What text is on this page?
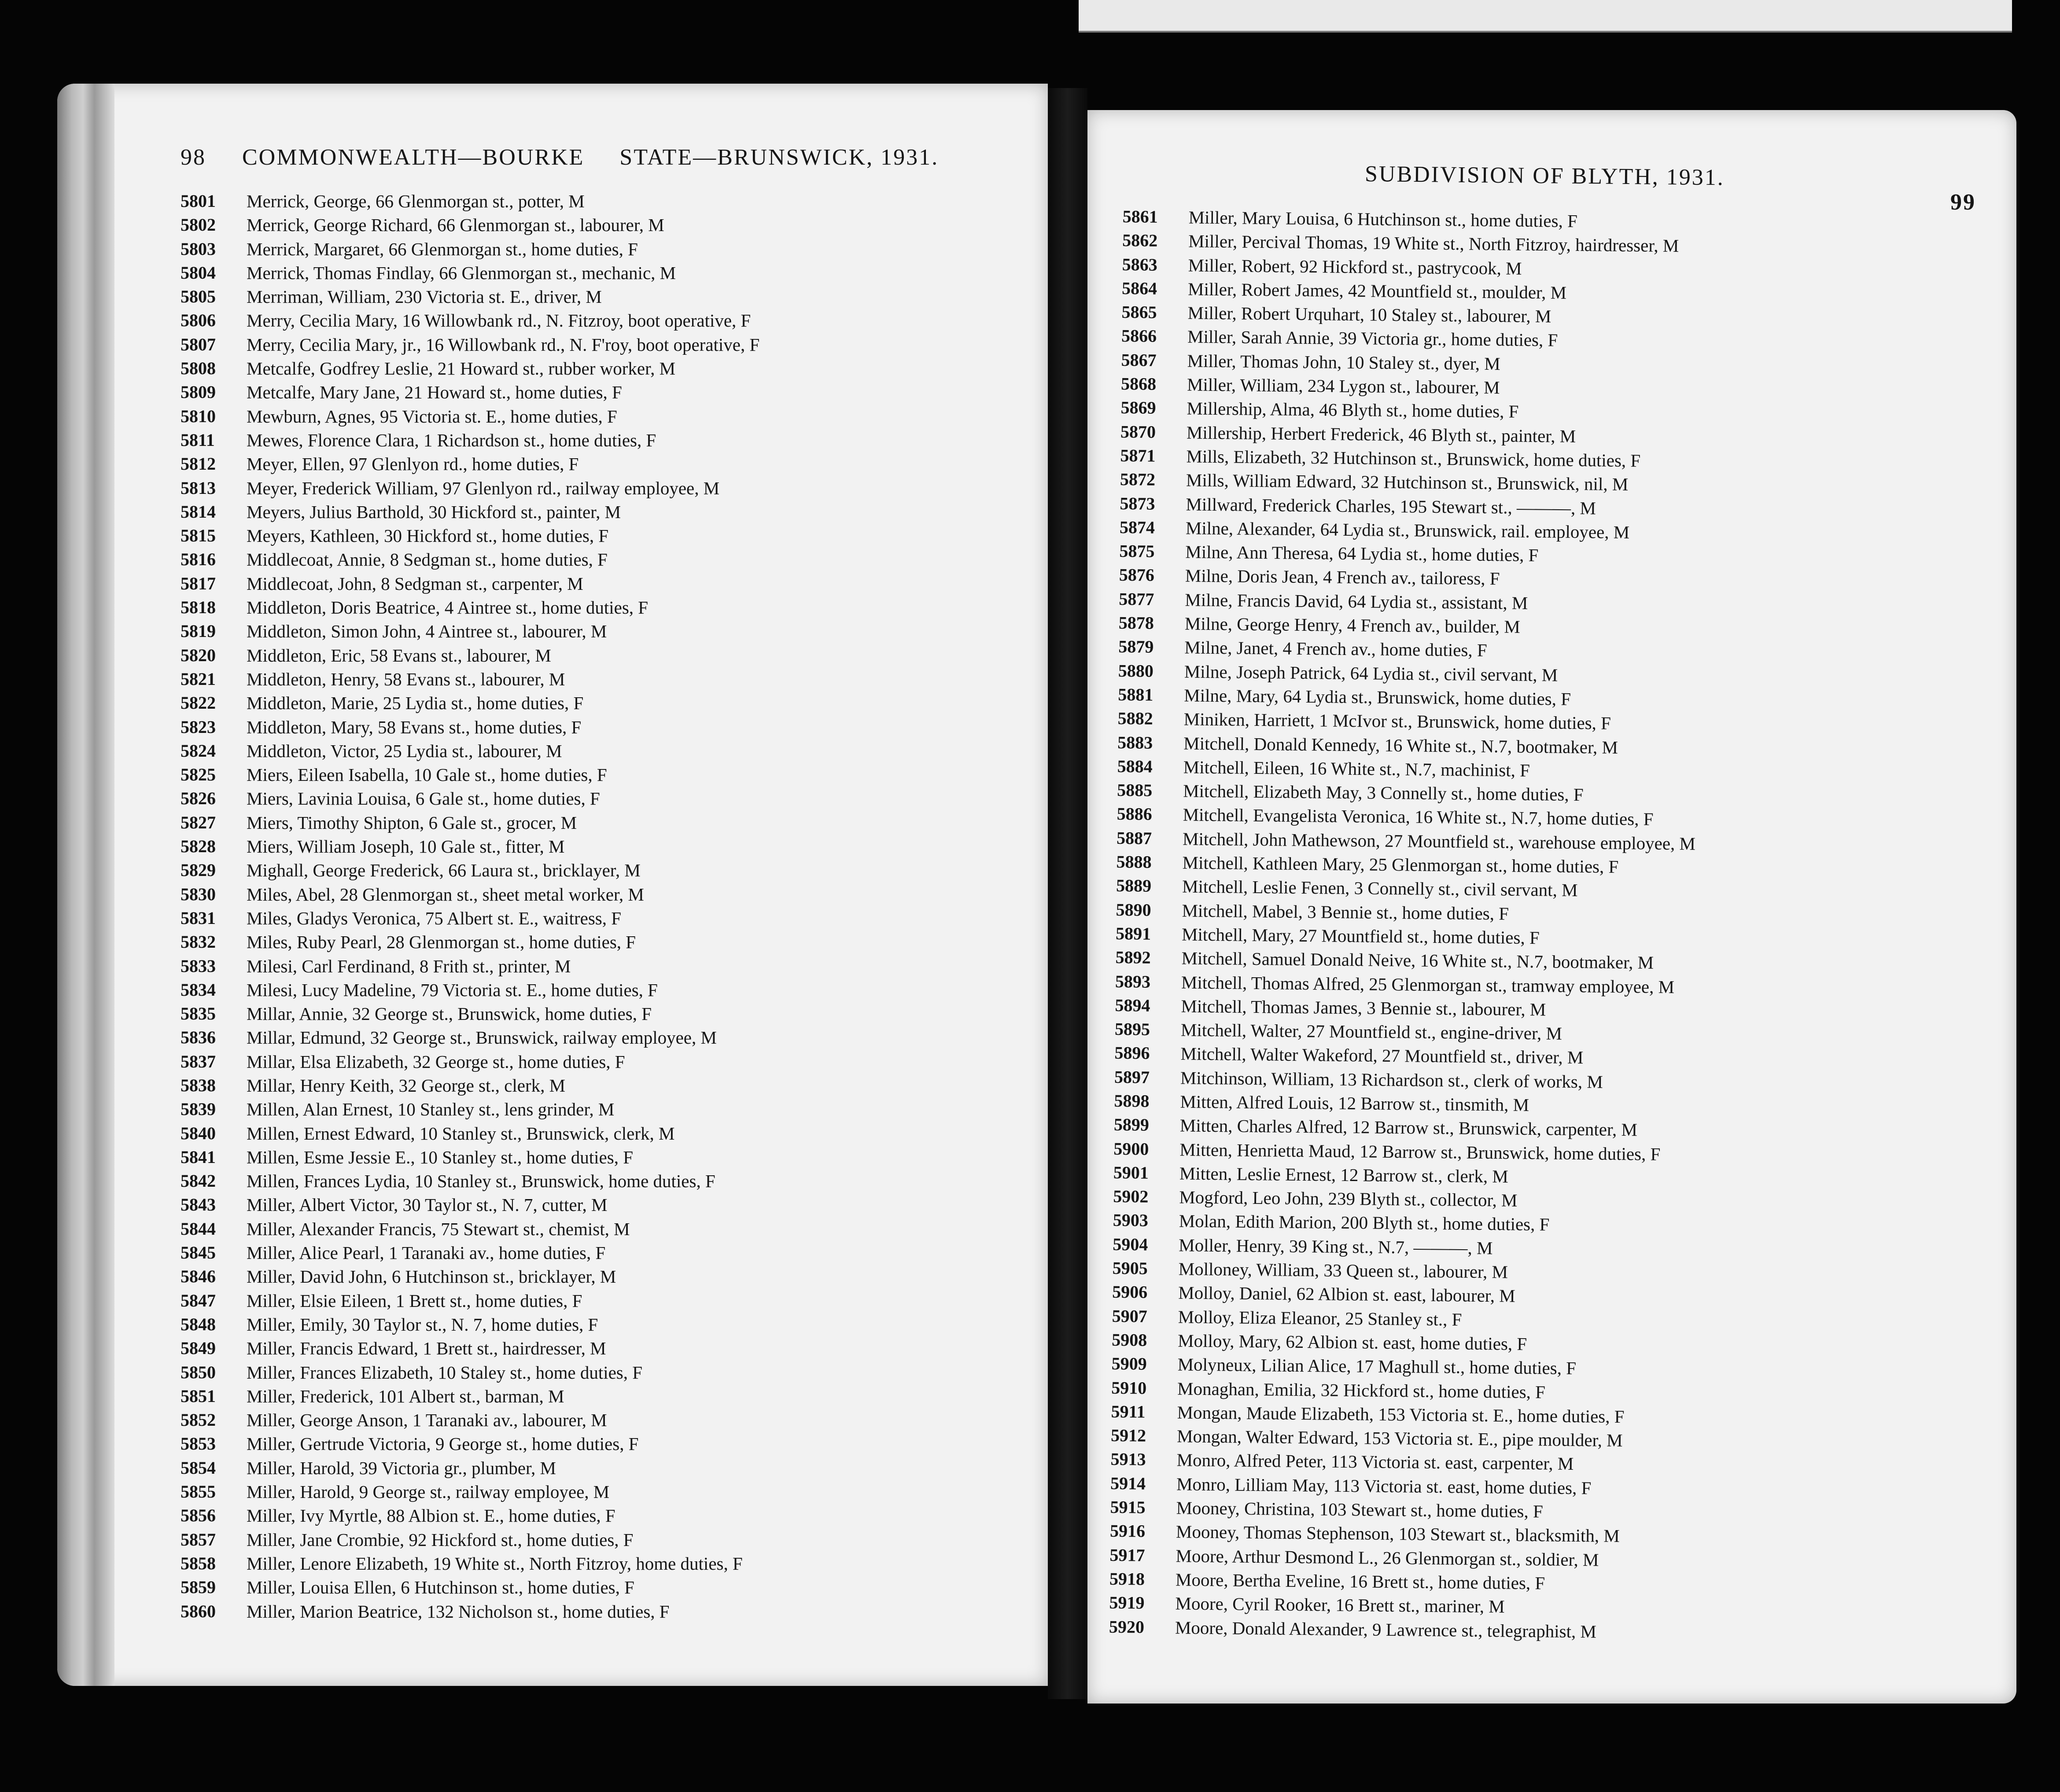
98 COMMONWEALTH—BOURKE     STATE—BRUNSWICK, 1931.
5801	Merrick, George, 66 Glenmorgan st., potter, M
5802	Merrick, George Richard, 66 Glenmorgan st., labourer, M
5803	Merrick, Margaret, 66 Glenmorgan st., home duties, F
5804	Merrick, Thomas Findlay, 66 Glenmorgan st., mechanic, M
5805	Merriman, William, 230 Victoria st. E., driver, M
5806	Merry, Cecilia Mary, 16 Willowbank rd., N. Fitzroy, boot operative, F
5807	Merry, Cecilia Mary, jr., 16 Willowbank rd., N. F'roy, boot operative, F
5808	Metcalfe, Godfrey Leslie, 21 Howard st., rubber worker, M
5809	Metcalfe, Mary Jane, 21 Howard st., home duties, F
5810	Mewburn, Agnes, 95 Victoria st. E., home duties, F
5811	Mewes, Florence Clara, 1 Richardson st., home duties, F
5812	Meyer, Ellen, 97 Glenlyon rd., home duties, F
5813	Meyer, Frederick William, 97 Glenlyon rd., railway employee, M
5814	Meyers, Julius Barthold, 30 Hickford st., painter, M
5815	Meyers, Kathleen, 30 Hickford st., home duties, F
5816	Middlecoat, Annie, 8 Sedgman st., home duties, F
5817	Middlecoat, John, 8 Sedgman st., carpenter, M
5818	Middleton, Doris Beatrice, 4 Aintree st., home duties, F
5819	Middleton, Simon John, 4 Aintree st., labourer, M
5820	Middleton, Eric, 58 Evans st., labourer, M
5821	Middleton, Henry, 58 Evans st., labourer, M
5822	Middleton, Marie, 25 Lydia st., home duties, F
5823	Middleton, Mary, 58 Evans st., home duties, F
5824	Middleton, Victor, 25 Lydia st., labourer, M
5825	Miers, Eileen Isabella, 10 Gale st., home duties, F
5826	Miers, Lavinia Louisa, 6 Gale st., home duties, F
5827	Miers, Timothy Shipton, 6 Gale st., grocer, M
5828	Miers, William Joseph, 10 Gale st., fitter, M
5829	Mighall, George Frederick, 66 Laura st., bricklayer, M
5830	Miles, Abel, 28 Glenmorgan st., sheet metal worker, M
5831	Miles, Gladys Veronica, 75 Albert st. E., waitress, F
5832	Miles, Ruby Pearl, 28 Glenmorgan st., home duties, F
5833	Milesi, Carl Ferdinand, 8 Frith st., printer, M
5834	Milesi, Lucy Madeline, 79 Victoria st. E., home duties, F
5835	Millar, Annie, 32 George st., Brunswick, home duties, F
5836	Millar, Edmund, 32 George st., Brunswick, railway employee, M
5837	Millar, Elsa Elizabeth, 32 George st., home duties, F
5838	Millar, Henry Keith, 32 George st., clerk, M
5839	Millen, Alan Ernest, 10 Stanley st., lens grinder, M
5840	Millen, Ernest Edward, 10 Stanley st., Brunswick, clerk, M
5841	Millen, Esme Jessie E., 10 Stanley st., home duties, F
5842	Millen, Frances Lydia, 10 Stanley st., Brunswick, home duties, F
5843	Miller, Albert Victor, 30 Taylor st., N. 7, cutter, M
5844	Miller, Alexander Francis, 75 Stewart st., chemist, M
5845	Miller, Alice Pearl, 1 Taranaki av., home duties, F
5846	Miller, David John, 6 Hutchinson st., bricklayer, M
5847	Miller, Elsie Eileen, 1 Brett st., home duties, F
5848	Miller, Emily, 30 Taylor st., N. 7, home duties, F
5849	Miller, Francis Edward, 1 Brett st., hairdresser, M
5850	Miller, Frances Elizabeth, 10 Staley st., home duties, F
5851	Miller, Frederick, 101 Albert st., barman, M
5852	Miller, George Anson, 1 Taranaki av., labourer, M
5853	Miller, Gertrude Victoria, 9 George st., home duties, F
5854	Miller, Harold, 39 Victoria gr., plumber, M
5855	Miller, Harold, 9 George st., railway employee, M
5856	Miller, Ivy Myrtle, 88 Albion st. E., home duties, F
5857	Miller, Jane Crombie, 92 Hickford st., home duties, F
5858	Miller, Lenore Elizabeth, 19 White st., North Fitzroy, home duties, F
5859	Miller, Louisa Ellen, 6 Hutchinson st., home duties, F
5860	Miller, Marion Beatrice, 132 Nicholson st., home duties, F
SUBDIVISION OF BLYTH, 1931.
99
5861	Miller, Mary Louisa, 6 Hutchinson st., home duties, F
5862	Miller, Percival Thomas, 19 White st., North Fitzroy, hairdresser, M
5863	Miller, Robert, 92 Hickford st., pastrycook, M
5864	Miller, Robert James, 42 Mountfield st., moulder, M
5865	Miller, Robert Urquhart, 10 Staley st., labourer, M
5866	Miller, Sarah Annie, 39 Victoria gr., home duties, F
5867	Miller, Thomas John, 10 Staley st., dyer, M
5868	Miller, William, 234 Lygon st., labourer, M
5869	Millership, Alma, 46 Blyth st., home duties, F
5870	Millership, Herbert Frederick, 46 Blyth st., painter, M
5871	Mills, Elizabeth, 32 Hutchinson st., Brunswick, home duties, F
5872	Mills, William Edward, 32 Hutchinson st., Brunswick, nil, M
5873	Millward, Frederick Charles, 195 Stewart st., ———, M
5874	Milne, Alexander, 64 Lydia st., Brunswick, rail. employee, M
5875	Milne, Ann Theresa, 64 Lydia st., home duties, F
5876	Milne, Doris Jean, 4 French av., tailoress, F
5877	Milne, Francis David, 64 Lydia st., assistant, M
5878	Milne, George Henry, 4 French av., builder, M
5879	Milne, Janet, 4 French av., home duties, F
5880	Milne, Joseph Patrick, 64 Lydia st., civil servant, M
5881	Milne, Mary, 64 Lydia st., Brunswick, home duties, F
5882	Miniken, Harriett, 1 McIvor st., Brunswick, home duties, F
5883	Mitchell, Donald Kennedy, 16 White st., N.7, bootmaker, M
5884	Mitchell, Eileen, 16 White st., N.7, machinist, F
5885	Mitchell, Elizabeth May, 3 Connelly st., home duties, F
5886	Mitchell, Evangelista Veronica, 16 White st., N.7, home duties, F
5887	Mitchell, John Mathewson, 27 Mountfield st., warehouse employee, M
5888	Mitchell, Kathleen Mary, 25 Glenmorgan st., home duties, F
5889	Mitchell, Leslie Fenen, 3 Connelly st., civil servant, M
5890	Mitchell, Mabel, 3 Bennie st., home duties, F
5891	Mitchell, Mary, 27 Mountfield st., home duties, F
5892	Mitchell, Samuel Donald Neive, 16 White st., N.7, bootmaker, M
5893	Mitchell, Thomas Alfred, 25 Glenmorgan st., tramway employee, M
5894	Mitchell, Thomas James, 3 Bennie st., labourer, M
5895	Mitchell, Walter, 27 Mountfield st., engine-driver, M
5896	Mitchell, Walter Wakeford, 27 Mountfield st., driver, M
5897	Mitchinson, William, 13 Richardson st., clerk of works, M
5898	Mitten, Alfred Louis, 12 Barrow st., tinsmith, M
5899	Mitten, Charles Alfred, 12 Barrow st., Brunswick, carpenter, M
5900	Mitten, Henrietta Maud, 12 Barrow st., Brunswick, home duties, F
5901	Mitten, Leslie Ernest, 12 Barrow st., clerk, M
5902	Mogford, Leo John, 239 Blyth st., collector, M
5903	Molan, Edith Marion, 200 Blyth st., home duties, F
5904	Moller, Henry, 39 King st., N.7, ———, M
5905	Molloney, William, 33 Queen st., labourer, M
5906	Molloy, Daniel, 62 Albion st. east, labourer, M
5907	Molloy, Eliza Eleanor, 25 Stanley st., F
5908	Molloy, Mary, 62 Albion st. east, home duties, F
5909	Molyneux, Lilian Alice, 17 Maghull st., home duties, F
5910	Monaghan, Emilia, 32 Hickford st., home duties, F
5911	Mongan, Maude Elizabeth, 153 Victoria st. E., home duties, F
5912	Mongan, Walter Edward, 153 Victoria st. E., pipe moulder, M
5913	Monro, Alfred Peter, 113 Victoria st. east, carpenter, M
5914	Monro, Lilliam May, 113 Victoria st. east, home duties, F
5915	Mooney, Christina, 103 Stewart st., home duties, F
5916	Mooney, Thomas Stephenson, 103 Stewart st., blacksmith, M
5917	Moore, Arthur Desmond L., 26 Glenmorgan st., soldier, M
5918	Moore, Bertha Eveline, 16 Brett st., home duties, F
5919	Moore, Cyril Rooker, 16 Brett st., mariner, M
5920	Moore, Donald Alexander, 9 Lawrence st., telegraphist, M
